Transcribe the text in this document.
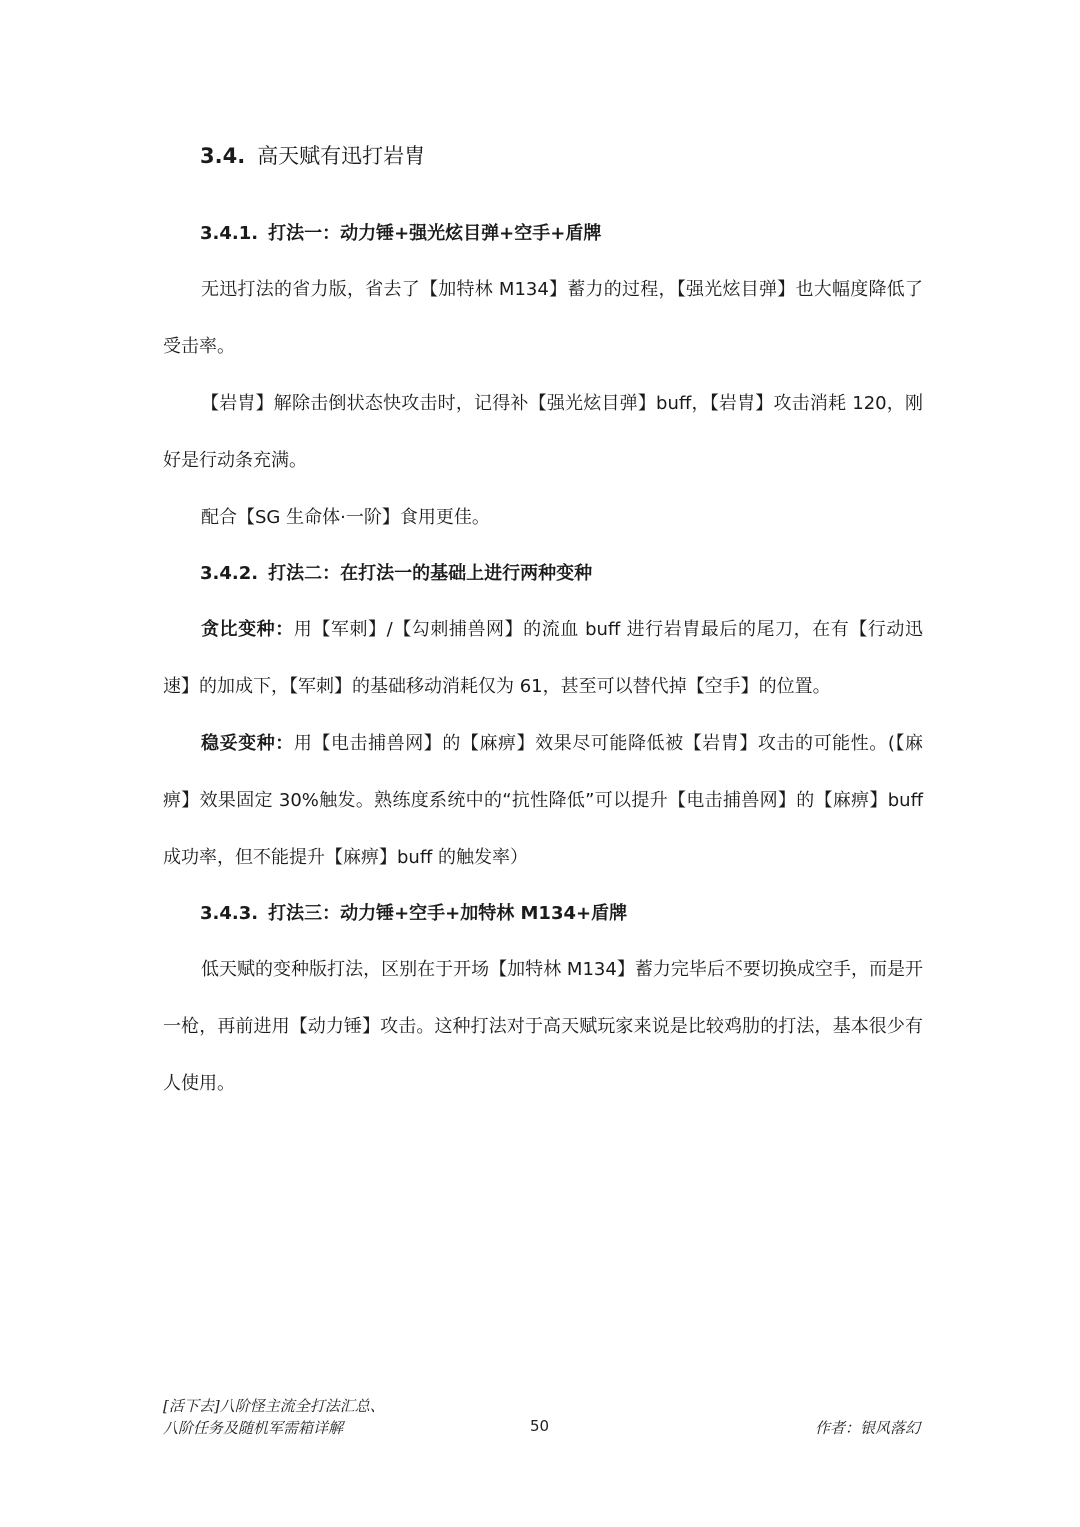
3.4. 高天赋有迅打岩胄
3.4.1. 打法一：动力锤+强光炫目弹+空手+盾牌
无迅打法的省力版，省去了【加特林 M134】蓄力的过程，【强光炫目弹】也大幅度降低了受击率。
【岩胄】解除击倒状态快攻击时，记得补【强光炫目弹】buff，【岩胄】攻击消耗 120，刚好是行动条充满。
配合【SG 生命体·一阶】食用更佳。
3.4.2. 打法二：在打法一的基础上进行两种变种
贪比变种：用【军刺】/【勾刺捕兽网】的流血 buff 进行岩胄最后的尾刀，在有【行动迅速】的加成下，【军刺】的基础移动消耗仅为 61，甚至可以替代掉【空手】的位置。
稳妥变种：用【电击捕兽网】的【麻痹】效果尽可能降低被【岩胄】攻击的可能性。(【麻痹】效果固定 30%触发。熟练度系统中的“抗性降低”可以提升【电击捕兽网】的【麻痹】buff 成功率，但不能提升【麻痹】buff 的触发率）
3.4.3. 打法三：动力锤+空手+加特林 M134+盾牌
低天赋的变种版打法，区别在于开场【加特林 M134】蓄力完毕后不要切换成空手，而是开一枪，再前进用【动力锤】攻击。这种打法对于高天赋玩家来说是比较鸡肋的打法，基本很少有人使用。
[活下去]八阶怪主流全打法汇总、
八阶任务及随机军需箱详解	50	作者：银风落幻
